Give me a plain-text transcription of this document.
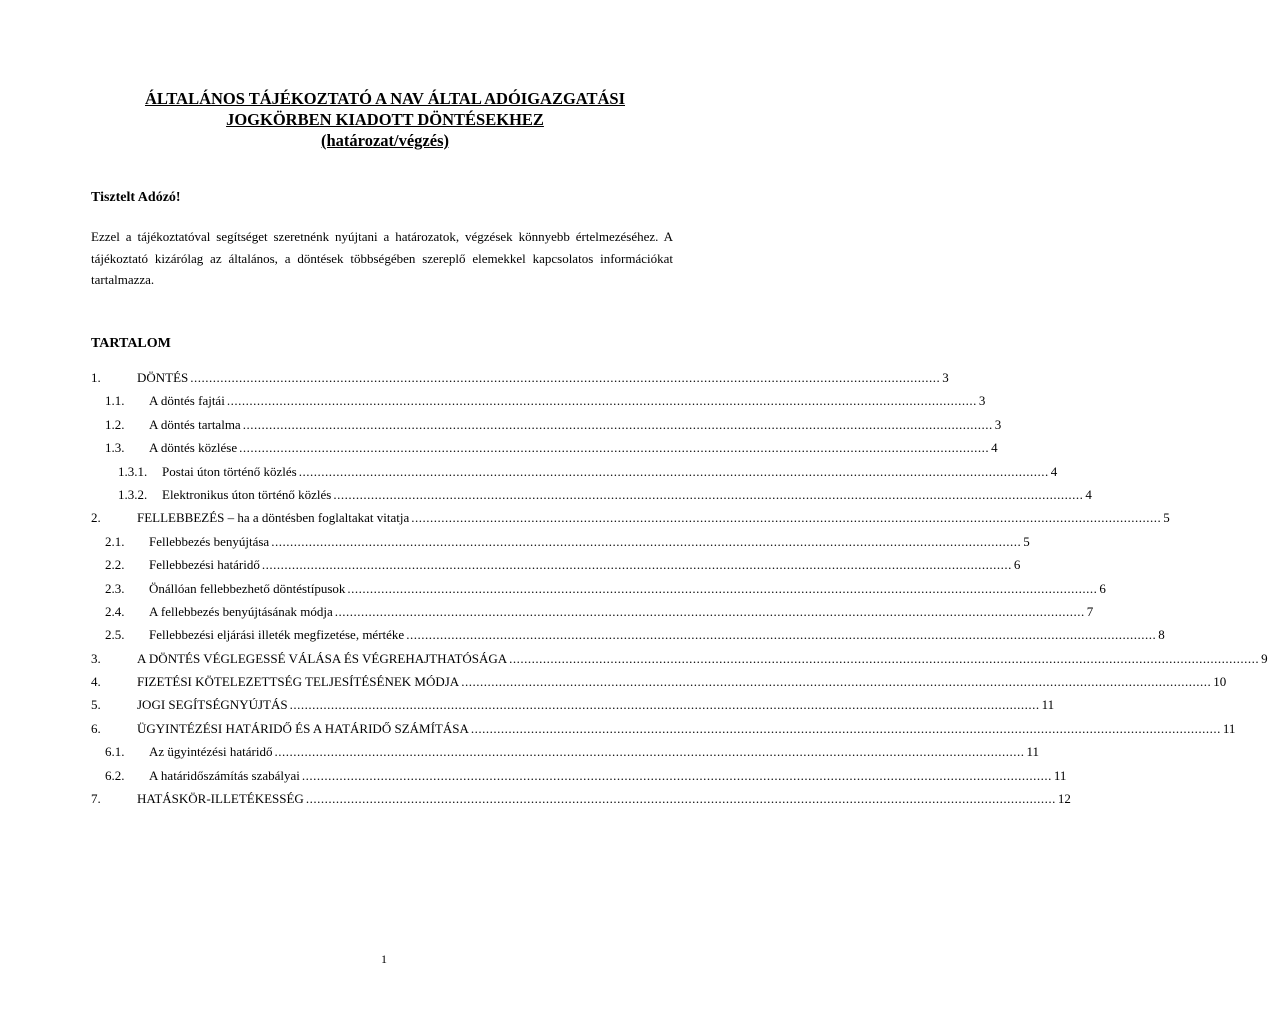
ÁLTALÁNOS TÁJÉKOZTATÓ A NAV ÁLTAL ADÓIGAZGATÁSI
JOGKÖRBEN KIADOTT DÖNTÉSEKHEZ
(határozat/végzés)
Tisztelt Adózó!
Ezzel a tájékoztatóval segítséget szeretnénk nyújtani a határozatok, végzések könnyebb értelmezéséhez. A tájékoztató kizárólag az általános, a döntések többségében szereplő elemekkel kapcsolatos információkat tartalmazza.
TARTALOM
1.	DÖNTÉS ........................................................................................................................................................................................................ 3
1.1. A döntés fajtái ........................................................................................................................................................................................................ 3
1.2. A döntés tartalma ........................................................................................................................................................................................................ 3
1.3. A döntés közlése ........................................................................................................................................................................................................ 4
1.3.1. Postai úton történő közlés ........................................................................................................................................................................................................ 4
1.3.2. Elektronikus úton történő közlés ........................................................................................................................................................................................................ 4
2.	FELLEBBEZÉS – ha a döntésben foglaltakat vitatja ........................................................................................................................................................................................................ 5
2.1. Fellebbezés benyújtása ........................................................................................................................................................................................................ 5
2.2. Fellebbezési határidő ........................................................................................................................................................................................................ 6
2.3. Önállóan fellebbezhető döntéstípusok ........................................................................................................................................................................................................ 6
2.4. A fellebbezés benyújtásának módja ........................................................................................................................................................................................................ 7
2.5. Fellebbezési eljárási illeték megfizetése, mértéke ........................................................................................................................................................................................................ 8
3.	A DÖNTÉS VÉGLEGESSÉ VÁLÁSA ÉS VÉGREHAJTHATÓSÁGA ........................................................................................................................................................................................................ 9
4.	FIZETÉSI KÖTELEZETTSÉG TELJESÍTÉSÉNEK MÓDJA ........................................................................................................................................................................................................ 10
5.	JOGI SEGÍTSÉGNYÚJTÁS ........................................................................................................................................................................................................ 11
6.	ÜGYINTÉZÉSI HATÁRIDŐ ÉS A HATÁRIDŐ SZÁMÍTÁSA ........................................................................................................................................................................................................ 11
6.1. Az ügyintézési határidő ........................................................................................................................................................................................................ 11
6.2. A határidőszámítás szabályai ........................................................................................................................................................................................................ 11
7.	HATÁSKÖR-ILLETÉKESSÉG ........................................................................................................................................................................................................ 12
1
